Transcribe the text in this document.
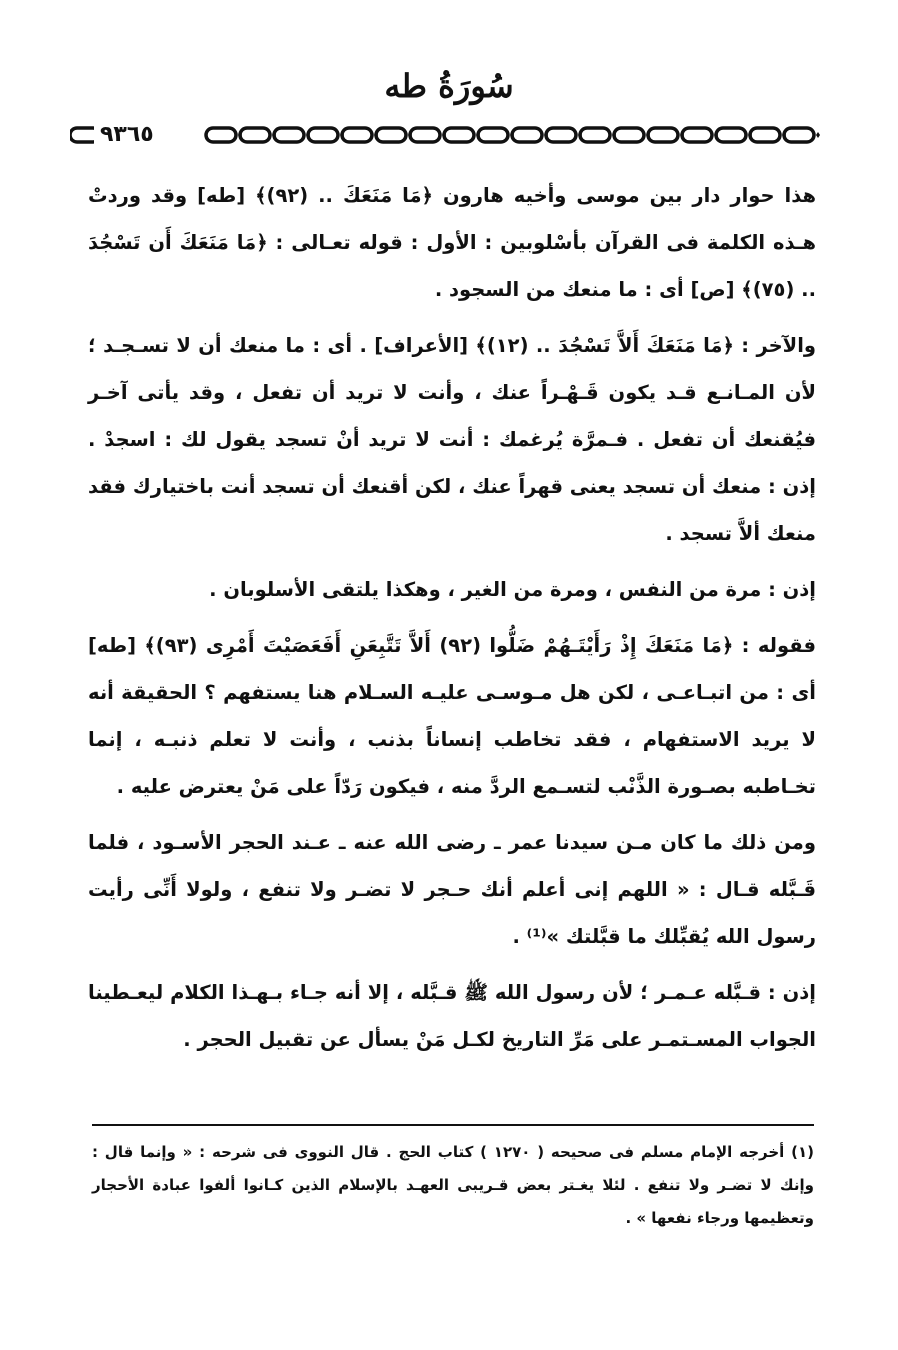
سُورَةُ طه
٩٣٦٥

هذا حوار دار بين موسى وأخيه هارون ﴿مَا مَنَعَكَ .. (٩٢)﴾ [طه] وقد وردتْ هـذه الكلمة فى القرآن بأسْلوبين : الأول : قوله تعـالى : ﴿مَا مَنَعَكَ أَن تَسْجُدَ .. (٧٥)﴾ [ص] أى : ما منعك من السجود .

والآخر : ﴿مَا مَنَعَكَ أَلاَّ تَسْجُدَ .. (١٢)﴾ [الأعراف] . أى : ما منعك أن لا تسـجـد ؛ لأن المـانـع قـد يكون قَـهْـراً عنك ، وأنت لا تريد أن تفعل ، وقد يأتى آخـر فيُقنعك أن تفعل . فـمرَّة يُرغمك : أنت لا تريد أنْ تسجد يقول لك : اسجدْ . إذن : منعك أن تسجد يعنى قهراً عنك ، لكن أقنعك أن تسجد أنت باختيارك فقد منعك ألاَّ تسجد .

إذن : مرة من النفس ، ومرة من الغير ، وهكذا يلتقى الأسلوبان .

فقوله : ﴿مَا مَنَعَكَ إِذْ رَأَيْتَـهُمْ ضَلُّوا (٩٢) أَلاَّ تَتَّبِعَنِ أَفَعَصَيْتَ أَمْرِى (٩٣)﴾ [طه] أى : من اتبـاعـى ، لكن هل مـوسـى عليـه السـلام هنا يستفهم ؟ الحقيقة أنه لا يريد الاستفهام ، فقد تخاطب إنساناً بذنب ، وأنت لا تعلم ذنبـه ، إنما تخـاطبه بصـورة الذَّنْب لتسـمع الردَّ منه ، فيكون رَدّاً على مَنْ يعترض عليه .

ومن ذلك ما كان مـن سيدنا عمر ـ رضى الله عنه ـ عـند الحجر الأسـود ، فلما قَـبَّله قـال : « اللهم إنى أعلم أنك حـجر لا تضـر ولا تنفع ، ولولا أَنِّى رأيت رسول الله يُقبِّلك ما قبَّلتك »⁽¹⁾ .

إذن : قـبَّله عـمـر ؛ لأن رسول الله ﷺ قـبَّله ، إلا أنه جـاء بـهـذا الكلام ليعـطينا الجواب المسـتمـر على مَرِّ التاريخ لكـل مَنْ يسأل عن تقبيل الحجر .

(١) أخرجه الإمام مسلم فى صحيحه ( ١٢٧٠ ) كتاب الحج . قال النووى فى شرحه : « وإنما قال : وإنك لا تضـر ولا تنفع . لئلا يغـتر بعض قـريبى العهـد بالإسلام الذين كـانوا ألفوا عبادة الأحجار وتعظيمها ورجاء نفعها » .
